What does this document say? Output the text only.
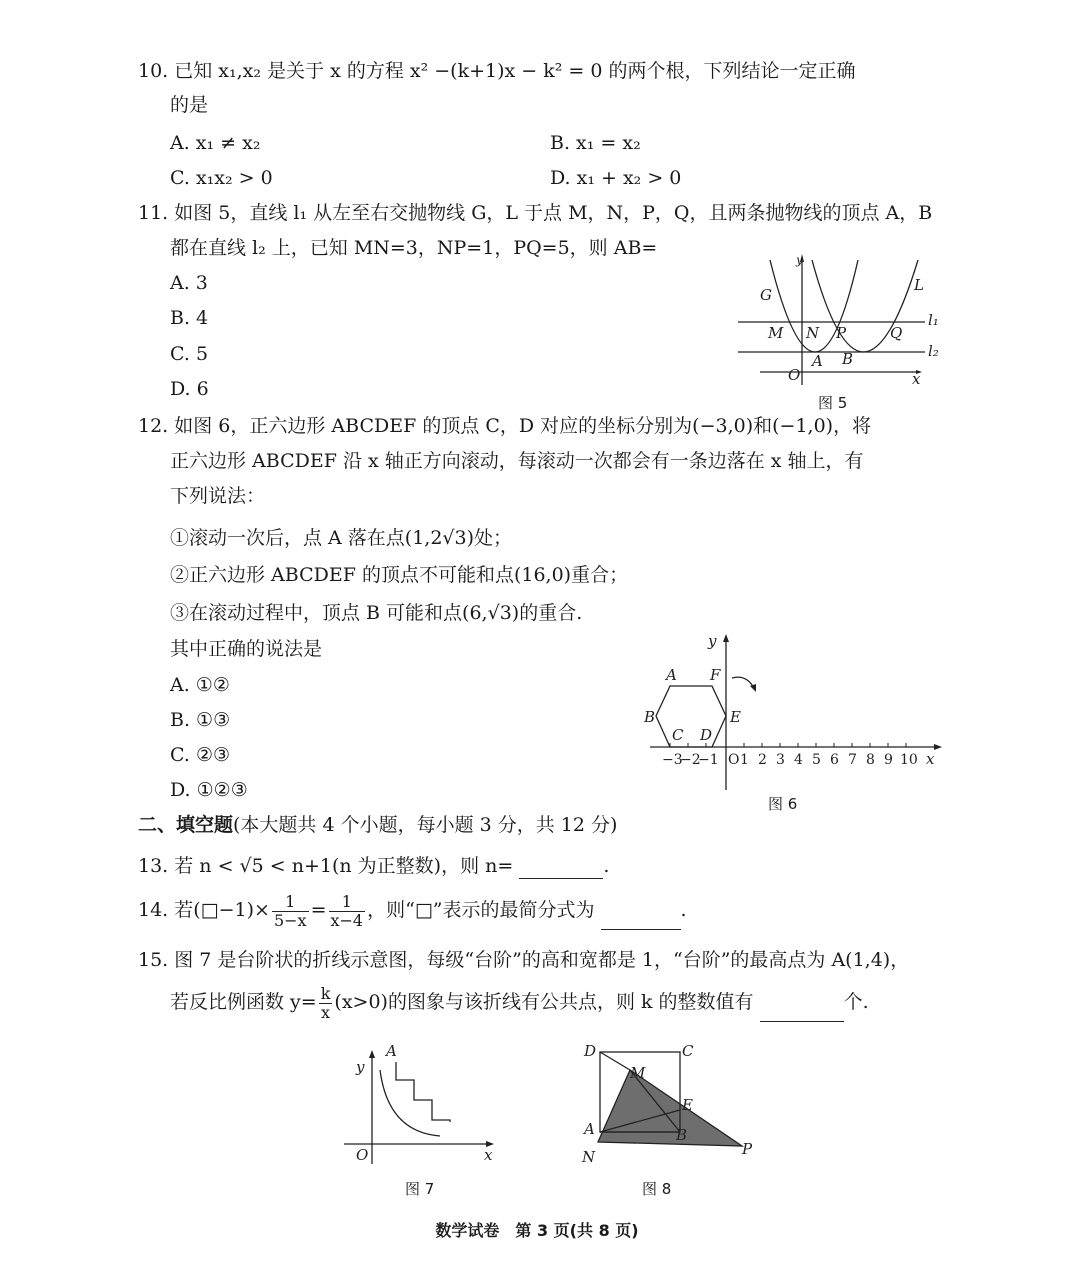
10. 已知 x₁,x₂ 是关于 x 的方程 x² −(k+1)x − k² = 0 的两个根，下列结论一定正确
的是
A. x₁ ≠ x₂	B. x₁ = x₂
C. x₁x₂ > 0	D. x₁ + x₂ > 0
11. 如图 5，直线 l₁ 从左至右交抛物线 G，L 于点 M，N，P，Q，且两条抛物线的顶点 A，B
都在直线 l₂ 上，已知 MN=3，NP=1，PQ=5，则 AB=
A. 3
B. 4
C. 5
D. 6
G
L
l₁
l₂
M N P	Q
A B
O	x
y
图 5
12. 如图 6，正六边形 ABCDEF 的顶点 C，D 对应的坐标分别为(−3,0)和(−1,0)，将
正六边形 ABCDEF 沿 x 轴正方向滚动，每滚动一次都会有一条边落在 x 轴上，有
下列说法：
①滚动一次后，点 A 落在点(1,2√3)处；
②正六边形 ABCDEF 的顶点不可能和点(16,0)重合；
③在滚动过程中，顶点 B 可能和点(6,√3)的重合.
其中正确的说法是
A. ①②
B. ①③
C. ②③
D. ①②③
A F
B	E
C D
y
x
O
−3
−2
−1 1 2 3 4 5 6 7 8 9 10
图 6
二、填空题(本大题共 4 个小题，每小题 3 分，共 12 分)
13. 若 n < √5 < n+1(n 为正整数)，则 n=	.
14. 若(□−1)× $\frac{1}{5-x} = \frac{1}{x-4}$ ，则“□”表示的最简分式为	.
15. 图 7 是台阶状的折线示意图，每级“台阶”的高和宽都是 1，“台阶”的最高点为 A(1,4)，
若反比例函数 $y= \frac{k}{x} (x>0)$的图象与该折线有公共点，则 k 的整数值有	个.
A
O	x
y
图 7
D	C
M
E
A	B
N	P
图 8
数学试卷　第 3 页(共 8 页)
